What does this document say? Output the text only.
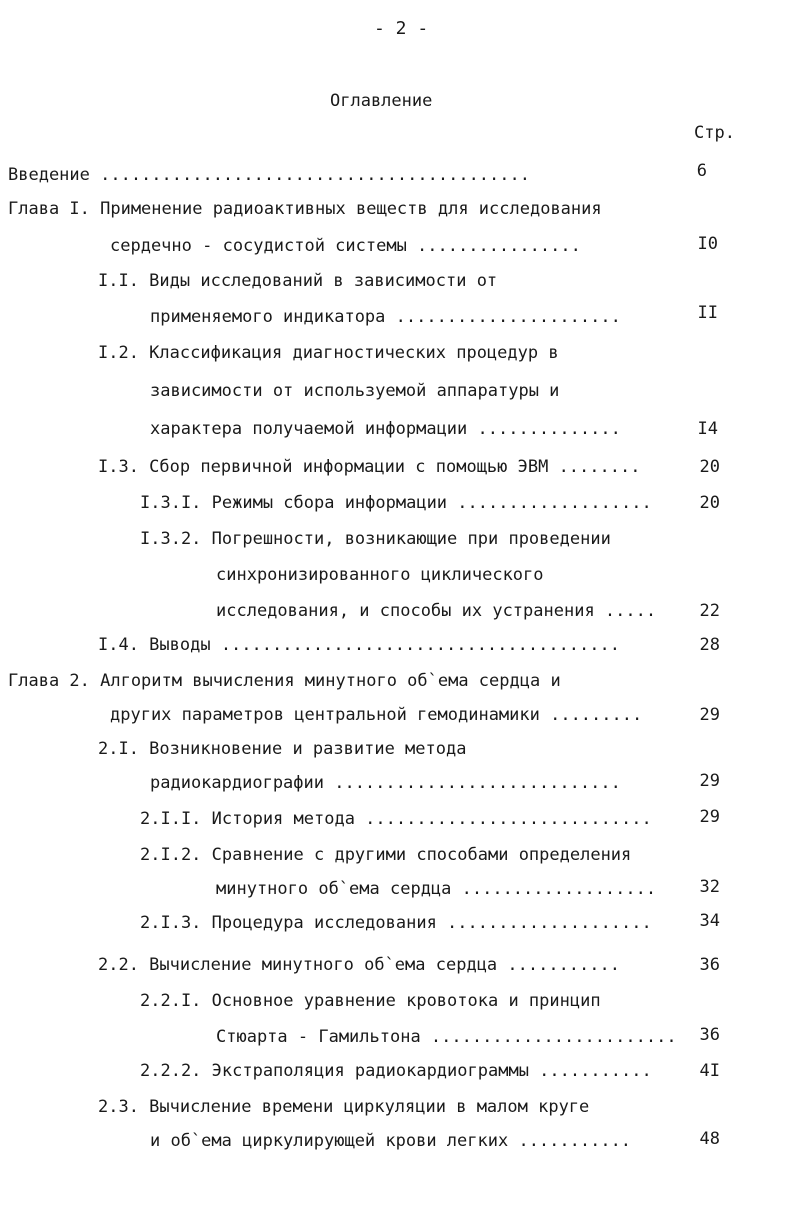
- 2 -
Оглавление
Стр.
Введение ..........................................	6
Глава I. Применение радиоактивных веществ для исследования
сердечно - сосудистой системы ................	I0
I.I. Виды исследований в зависимости от
применяемого индикатора ......................	II
I.2. Классификация диагностических процедур в
зависимости от используемой аппаратуры и
характера получаемой информации ..............	I4
I.3. Сбор первичной информации с помощью ЭВМ ........	20
I.3.I. Режимы сбора информации ...................	20
I.3.2. Погрешности, возникающие при проведении
синхронизированного циклического
исследования, и способы их устранения .....	22
I.4. Выводы .......................................	28
Глава 2. Алгоритм вычисления минутного об`ема сердца и
других параметров центральной гемодинамики .........	29
2.I. Возникновение и развитие метода
радиокардиографии ............................	29
2.I.I. История метода ............................	29
2.I.2. Сравнение с другими способами определения
минутного об`ема сердца ...................	32
2.I.3. Процедура исследования ....................	34
2.2. Вычисление минутного об`ема сердца ...........	36
2.2.I. Основное уравнение кровотока и принцип
Стюарта - Гамильтона ........................	36
2.2.2. Экстраполяция радиокардиограммы ...........	4I
2.3. Вычисление времени циркуляции в малом круге
и об`ема циркулирующей крови легких ...........	48
